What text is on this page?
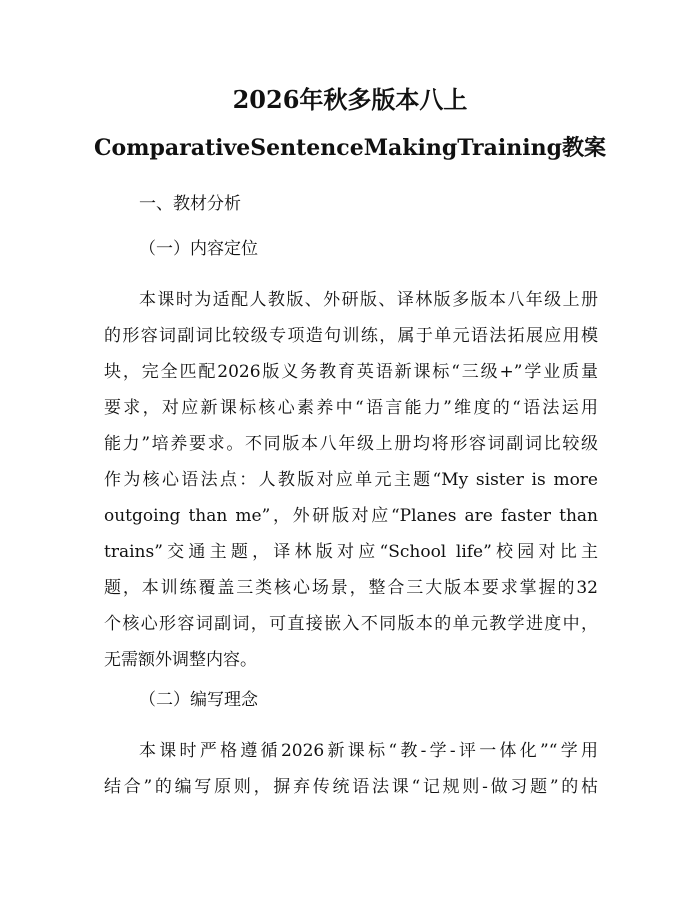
2026年秋多版本八上
ComparativeSentenceMakingTraining教案
一、教材分析
（一）内容定位
本课时为适配人教版、外研版、译林版多版本八年级上册
的形容词副词比较级专项造句训练，属于单元语法拓展应用模
块，完全匹配2026版义务教育英语新课标“三级+”学业质量
要求，对应新课标核心素养中“语言能力”维度的“语法运用
能力”培养要求。不同版本八年级上册均将形容词副词比较级
作为核心语法点：人教版对应单元主题“My sister is more
outgoing than me”，外研版对应“Planes are faster than
trains”交通主题，译林版对应“School life”校园对比主
题，本训练覆盖三类核心场景，整合三大版本要求掌握的32
个核心形容词副词，可直接嵌入不同版本的单元教学进度中，
无需额外调整内容。
（二）编写理念
本课时严格遵循2026新课标“教-学-评一体化”“学用
结合”的编写原则，摒弃传统语法课“记规则-做习题”的枯
